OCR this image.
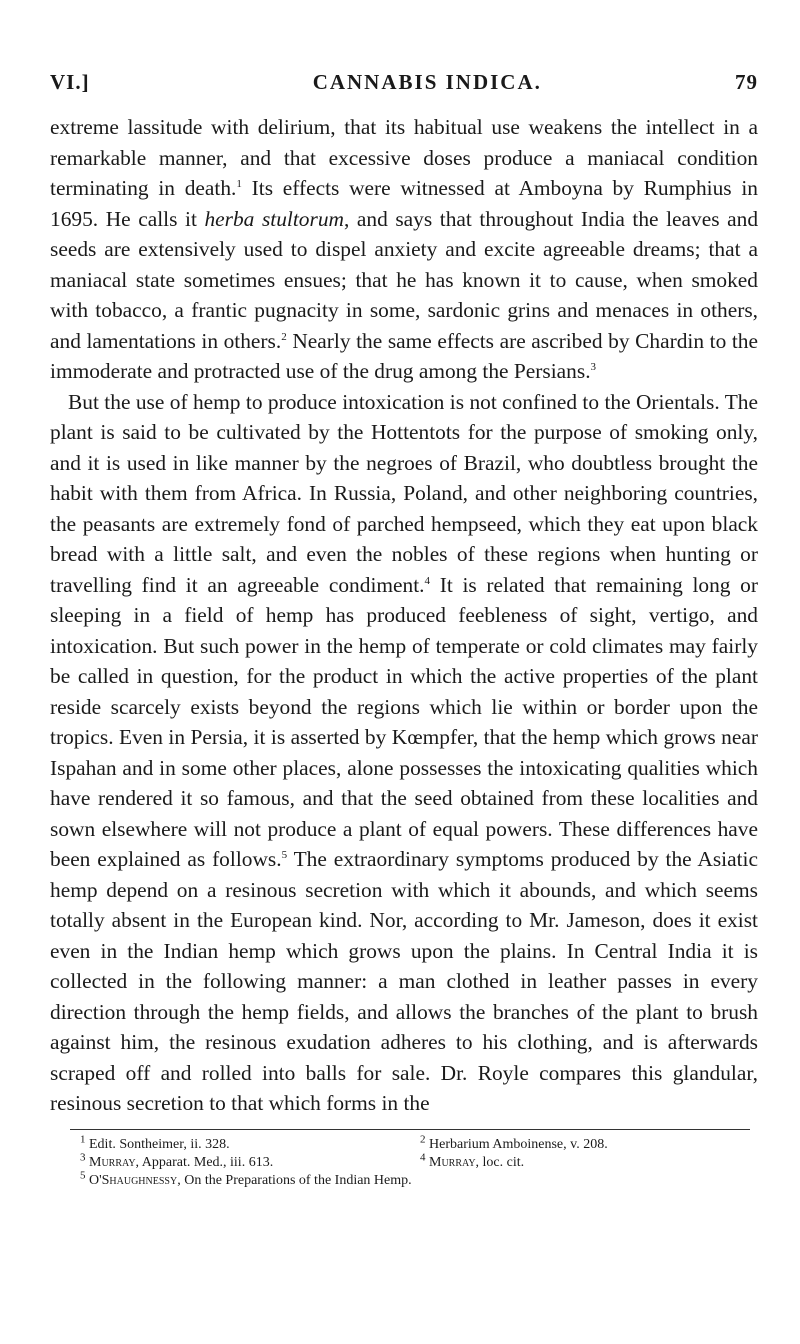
VI.]	CANNABIS INDICA.	79

extreme lassitude with delirium, that its habitual use weakens the intellect in a remarkable manner, and that excessive doses produce a maniacal condition terminating in death.$^1$ Its effects were witnessed at Amboyna by Rumphius in 1695. He calls it herba stultorum, and says that throughout India the leaves and seeds are extensively used to dispel anxiety and excite agreeable dreams; that a maniacal state sometimes ensues; that he has known it to cause, when smoked with tobacco, a frantic pugnacity in some, sardonic grins and menaces in others, and lamentations in others.$^2$ Nearly the same effects are ascribed by Chardin to the immoderate and protracted use of the drug among the Persians.$^3$

But the use of hemp to produce intoxication is not confined to the Orientals. The plant is said to be cultivated by the Hottentots for the purpose of smoking only, and it is used in like manner by the negroes of Brazil, who doubtless brought the habit with them from Africa. In Russia, Poland, and other neighboring countries, the peasants are extremely fond of parched hempseed, which they eat upon black bread with a little salt, and even the nobles of these regions when hunting or travelling find it an agreeable condiment.$^4$ It is related that remaining long or sleeping in a field of hemp has produced feebleness of sight, vertigo, and intoxication. But such power in the hemp of temperate or cold climates may fairly be called in question, for the product in which the active properties of the plant reside scarcely exists beyond the regions which lie within or border upon the tropics. Even in Persia, it is asserted by Kœmpfer, that the hemp which grows near Ispahan and in some other places, alone possesses the intoxicating qualities which have rendered it so famous, and that the seed obtained from these localities and sown elsewhere will not produce a plant of equal powers. These differences have been explained as follows.$^5$ The extraordinary symptoms produced by the Asiatic hemp depend on a resinous secretion with which it abounds, and which seems totally absent in the European kind. Nor, according to Mr. Jameson, does it exist even in the Indian hemp which grows upon the plains. In Central India it is collected in the following manner: a man clothed in leather passes in every direction through the hemp fields, and allows the branches of the plant to brush against him, the resinous exudation adheres to his clothing, and is afterwards scraped off and rolled into balls for sale. Dr. Royle compares this glandular, resinous secretion to that which forms in the

$^1$ Edit. Sontheimer, ii. 328.	$^2$ Herbarium Amboinense, v. 208.
$^3$ Murray, Apparat. Med., iii. 613.	$^4$ Murray, loc. cit.
$^5$ O'Shaughnessy, On the Preparations of the Indian Hemp.
